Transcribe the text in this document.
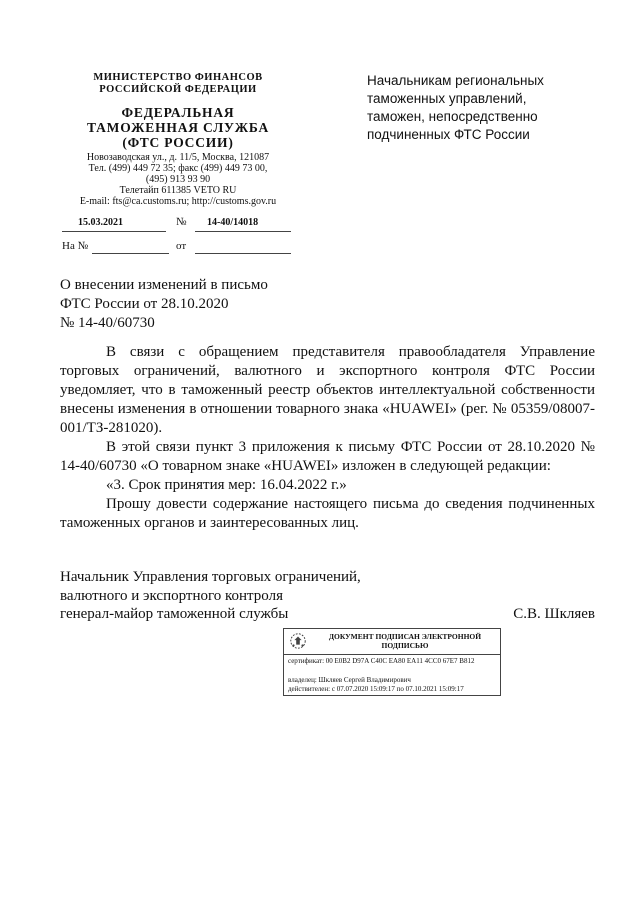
МИНИСТЕРСТВО ФИНАНСОВ
РОССИЙСКОЙ ФЕДЕРАЦИИ
ФЕДЕРАЛЬНАЯ
ТАМОЖЕННАЯ СЛУЖБА
(ФТС РОССИИ)
Новозаводская ул., д. 11/5, Москва, 121087
Тел. (499) 449 72 35; факс (499) 449 73 00,
(495) 913 93 90
Телетайп 611385 VETO RU
E-mail: fts@ca.customs.ru; http://customs.gov.ru
15.03.2021	№ 14-40/14018
На №	от
Начальникам региональных
таможенных управлений,
таможен, непосредственно
подчиненных ФТС России
О внесении изменений в письмо
ФТС России от 28.10.2020
№ 14-40/60730

В связи с обращением представителя правообладателя Управление торговых ограничений, валютного и экспортного контроля ФТС России уведомляет, что в таможенный реестр объектов интеллектуальной собственности внесены изменения в отношении товарного знака «HUAWEI» (рег. № 05359/08007-001/ТЗ-281020).

В этой связи пункт 3 приложения к письму ФТС России от 28.10.2020 № 14-40/60730 «О товарном знаке «HUAWEI» изложен в следующей редакции:

«3. Срок принятия мер: 16.04.2022 г.»

Прошу довести содержание настоящего письма до сведения подчиненных таможенных органов и заинтересованных лиц.

Начальник Управления торговых ограничений,
валютного и экспортного контроля
генерал-майор таможенной службы	С.В. Шкляев
ДОКУМЕНТ ПОДПИСАН ЭЛЕКТРОННОЙ
ПОДПИСЬЮ
сертификат: 00 E0B2 D97A C40C EA80 EA11 4CC0 67E7 B812
владелец: Шкляев Сергей Владимирович
действителен: с 07.07.2020 15:09:17 по 07.10.2021 15:09:17
